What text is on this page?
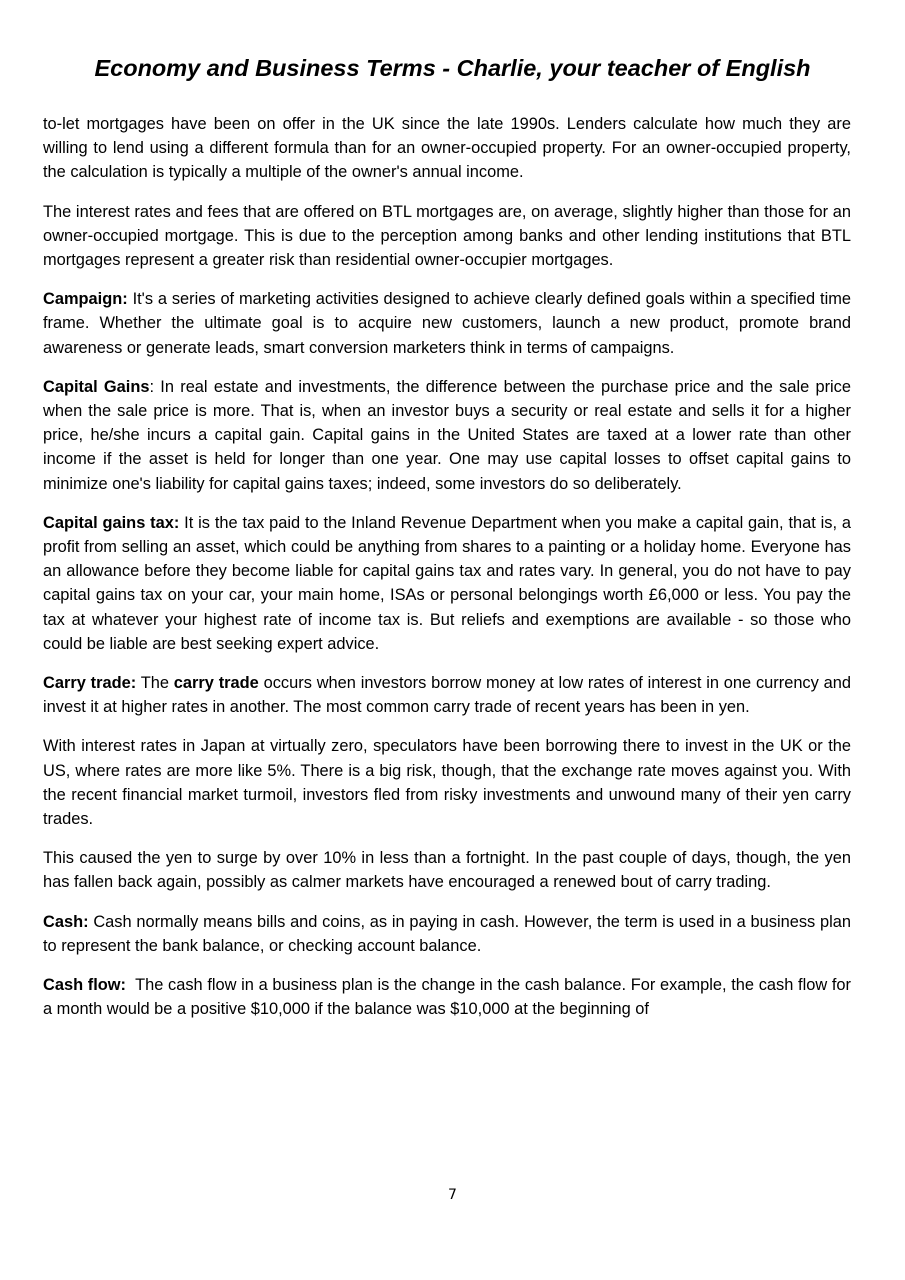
Economy and Business Terms - Charlie, your teacher of English

to-let mortgages have been on offer in the UK since the late 1990s. Lenders calculate how much they are willing to lend using a different formula than for an owner-occupied property. For an owner-occupied property, the calculation is typically a multiple of the owner's annual income.

The interest rates and fees that are offered on BTL mortgages are, on average, slightly higher than those for an owner-occupied mortgage. This is due to the perception among banks and other lending institutions that BTL mortgages represent a greater risk than residential owner-occupier mortgages.

Campaign: It's a series of marketing activities designed to achieve clearly defined goals within a specified time frame. Whether the ultimate goal is to acquire new customers, launch a new product, promote brand awareness or generate leads, smart conversion marketers think in terms of campaigns.

Capital Gains: In real estate and investments, the difference between the purchase price and the sale price when the sale price is more. That is, when an investor buys a security or real estate and sells it for a higher price, he/she incurs a capital gain. Capital gains in the United States are taxed at a lower rate than other income if the asset is held for longer than one year. One may use capital losses to offset capital gains to minimize one's liability for capital gains taxes; indeed, some investors do so deliberately.

Capital gains tax: It is the tax paid to the Inland Revenue Department when you make a capital gain, that is, a profit from selling an asset, which could be anything from shares to a painting or a holiday home. Everyone has an allowance before they become liable for capital gains tax and rates vary. In general, you do not have to pay capital gains tax on your car, your main home, ISAs or personal belongings worth £6,000 or less. You pay the tax at whatever your highest rate of income tax is. But reliefs and exemptions are available - so those who could be liable are best seeking expert advice.

Carry trade: The carry trade occurs when investors borrow money at low rates of interest in one currency and invest it at higher rates in another. The most common carry trade of recent years has been in yen.

With interest rates in Japan at virtually zero, speculators have been borrowing there to invest in the UK or the US, where rates are more like 5%. There is a big risk, though, that the exchange rate moves against you. With the recent financial market turmoil, investors fled from risky investments and unwound many of their yen carry trades.

This caused the yen to surge by over 10% in less than a fortnight. In the past couple of days, though, the yen has fallen back again, possibly as calmer markets have encouraged a renewed bout of carry trading.

Cash: Cash normally means bills and coins, as in paying in cash. However, the term is used in a business plan to represent the bank balance, or checking account balance.

Cash flow: The cash flow in a business plan is the change in the cash balance. For example, the cash flow for a month would be a positive $10,000 if the balance was $10,000 at the beginning of

7
